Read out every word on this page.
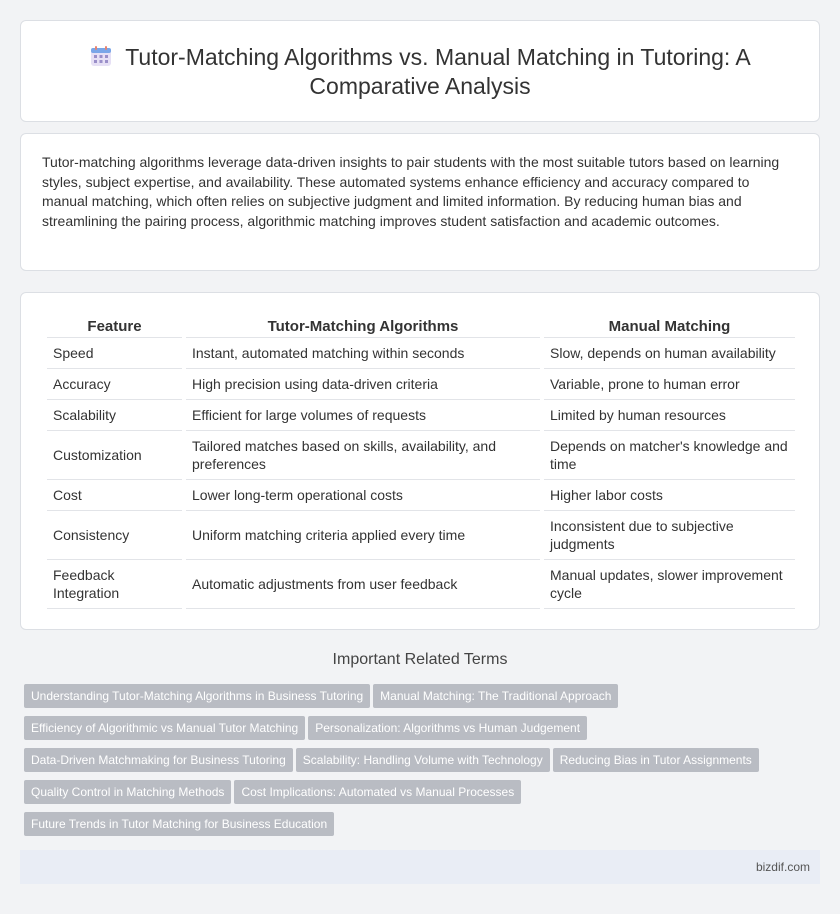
Tutor-Matching Algorithms vs. Manual Matching in Tutoring: A Comparative Analysis

Tutor-matching algorithms leverage data-driven insights to pair students with the most suitable tutors based on learning styles, subject expertise, and availability. These automated systems enhance efficiency and accuracy compared to manual matching, which often relies on subjective judgment and limited information. By reducing human bias and streamlining the pairing process, algorithmic matching improves student satisfaction and academic outcomes.

Feature	Tutor-Matching Algorithms	Manual Matching
Speed	Instant, automated matching within seconds	Slow, depends on human availability
Accuracy	High precision using data-driven criteria	Variable, prone to human error
Scalability	Efficient for large volumes of requests	Limited by human resources
Customization	Tailored matches based on skills, availability, and preferences	Depends on matcher's knowledge and time
Cost	Lower long-term operational costs	Higher labor costs
Consistency	Uniform matching criteria applied every time	Inconsistent due to subjective judgments
Feedback Integration	Automatic adjustments from user feedback	Manual updates, slower improvement cycle
Important Related Terms
Understanding Tutor-Matching Algorithms in Business Tutoring Manual Matching: The Traditional Approach
Efficiency of Algorithmic vs Manual Tutor Matching Personalization: Algorithms vs Human Judgement
Data-Driven Matchmaking for Business Tutoring Scalability: Handling Volume with Technology Reducing Bias in Tutor Assignments
Quality Control in Matching Methods Cost Implications: Automated vs Manual Processes
Future Trends in Tutor Matching for Business Education
bizdif.com
